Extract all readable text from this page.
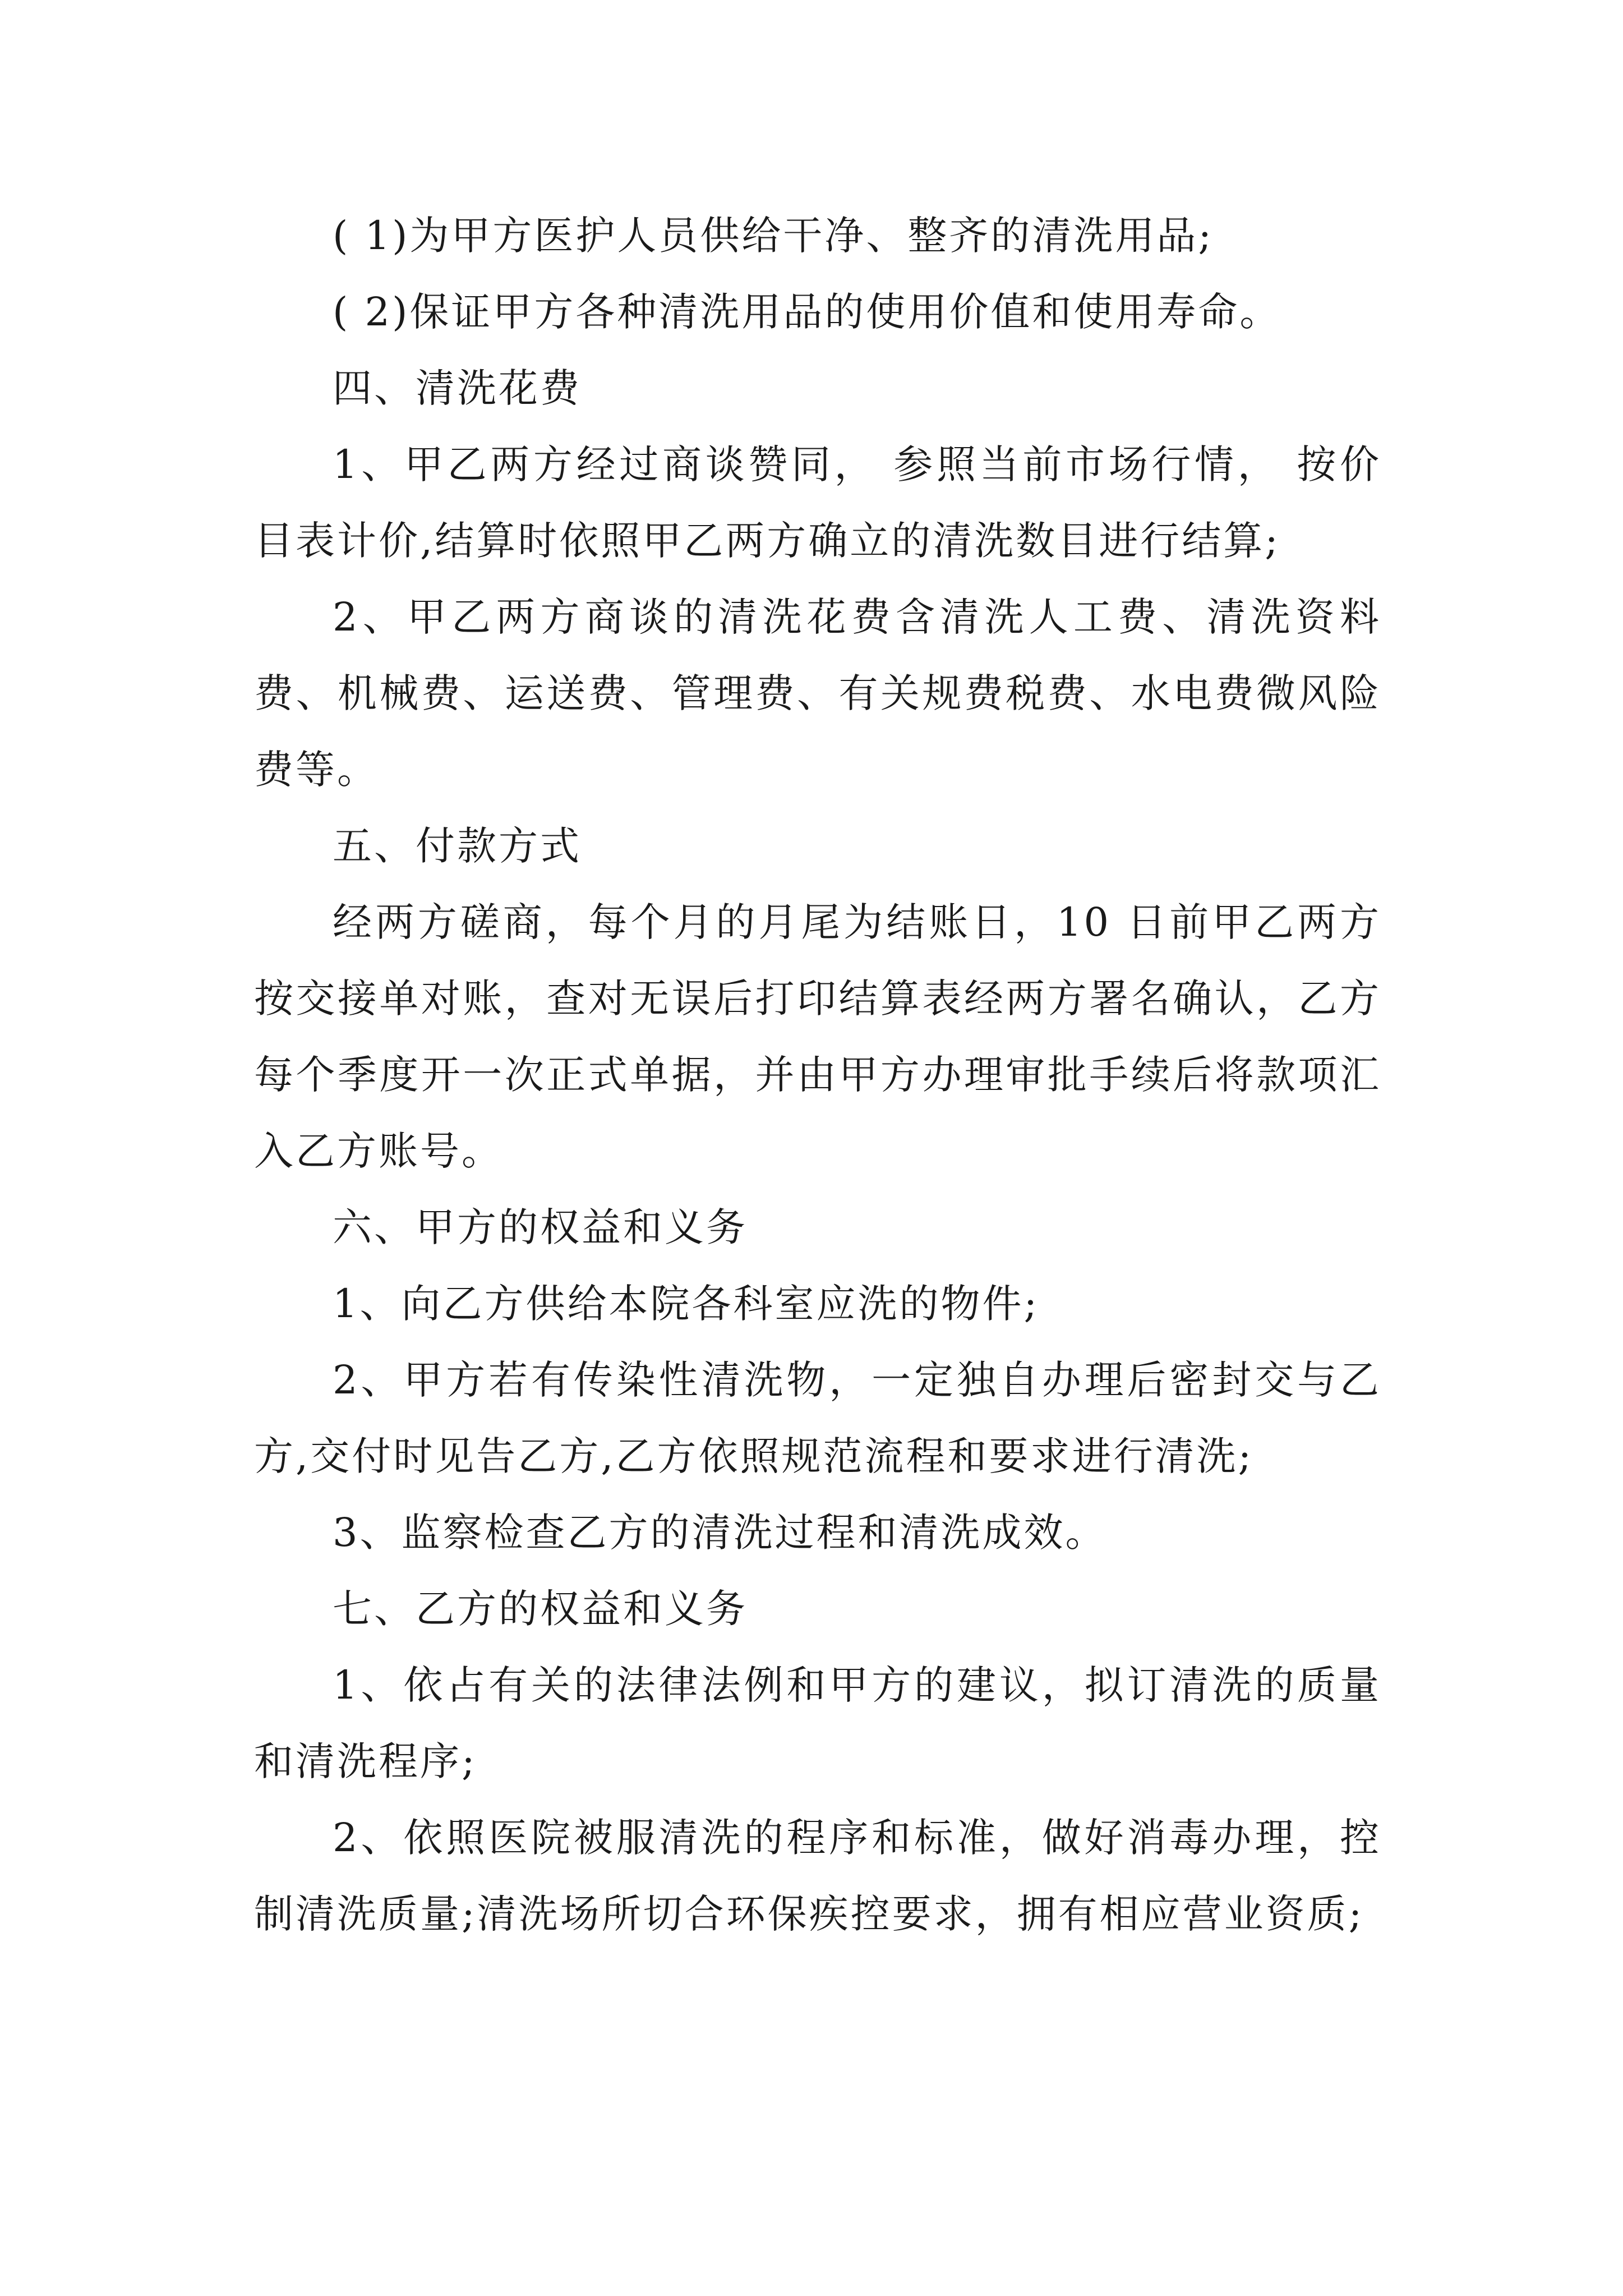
( 1)为甲方医护人员供给干净、整齐的清洗用品;

( 2)保证甲方各种清洗用品的使用价值和使用寿命。

四、清洗花费

1、甲乙两方经过商谈赞同， 参照当前市场行情， 按价目表计价,结算时依照甲乙两方确立的清洗数目进行结算;

2、甲乙两方商谈的清洗花费含清洗人工费、清洗资料费、机械费、运送费、管理费、有关规费税费、水电费微风险费等。

五、付款方式

经两方磋商，每个月的月尾为结账日，10 日前甲乙两方按交接单对账，查对无误后打印结算表经两方署名确认，乙方每个季度开一次正式单据，并由甲方办理审批手续后将款项汇入乙方账号。

六、甲方的权益和义务

1、向乙方供给本院各科室应洗的物件;

2、甲方若有传染性清洗物，一定独自办理后密封交与乙方,交付时见告乙方,乙方依照规范流程和要求进行清洗;

3、监察检查乙方的清洗过程和清洗成效。

七、乙方的权益和义务

1、依占有关的法律法例和甲方的建议，拟订清洗的质量和清洗程序;

2、依照医院被服清洗的程序和标准，做好消毒办理，控制清洗质量;清洗场所切合环保疾控要求，拥有相应营业资质;
